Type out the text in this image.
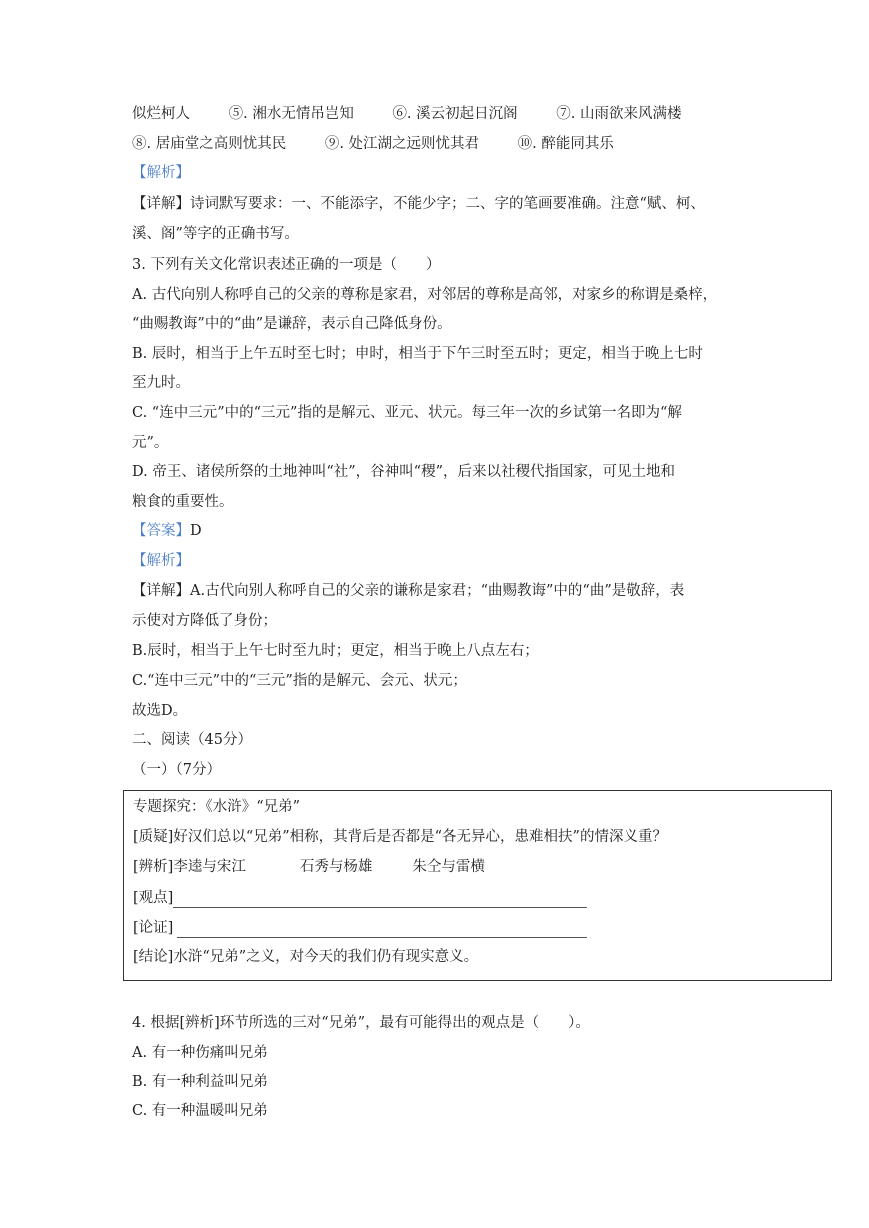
似烂柯人	⑤. 湘水无情吊岂知	⑥. 溪云初起日沉阁	⑦. 山雨欲来风满楼
⑧. 居庙堂之高则忧其民	⑨. 处江湖之远则忧其君	⑩. 醉能同其乐
【解析】
【详解】诗词默写要求：一、不能添字，不能少字；二、字的笔画要准确。注意“赋、柯、
溪、阁”等字的正确书写。
3. 下列有关文化常识表述正确的一项是（　　）
A. 古代向别人称呼自己的父亲的尊称是家君，对邻居的尊称是高邻，对家乡的称谓是桑梓，
“曲赐教诲”中的“曲”是谦辞，表示自己降低身份。
B. 辰时，相当于上午五时至七时；申时，相当于下午三时至五时；更定，相当于晚上七时
至九时。
C. “连中三元”中的“三元”指的是解元、亚元、状元。每三年一次的乡试第一名即为“解
元”。
D. 帝王、诸侯所祭的土地神叫“社”，谷神叫“稷”，后来以社稷代指国家，可见土地和
粮食的重要性。
【答案】D
【解析】
【详解】A.古代向别人称呼自己的父亲的谦称是家君；“曲赐教诲”中的“曲”是敬辞，表
示使对方降低了身份；
B.辰时，相当于上午七时至九时；更定，相当于晚上八点左右；
C.“连中三元”中的“三元”指的是解元、会元、状元；
故选D。
二、阅读（45分）
（一）（7分）
专题探究：《水浒》“兄弟”
[质疑]好汉们总以“兄弟”相称，其背后是否都是“各无异心，患难相扶”的情深义重？
[辨析]李逵与宋江	石秀与杨雄	朱仝与雷横
[观点]
[论证]
[结论]水浒“兄弟”之义，对今天的我们仍有现实意义。
4. 根据[辨析]环节所选的三对“兄弟”，最有可能得出的观点是（　　）。
A. 有一种伤痛叫兄弟
B. 有一种利益叫兄弟
C. 有一种温暖叫兄弟
